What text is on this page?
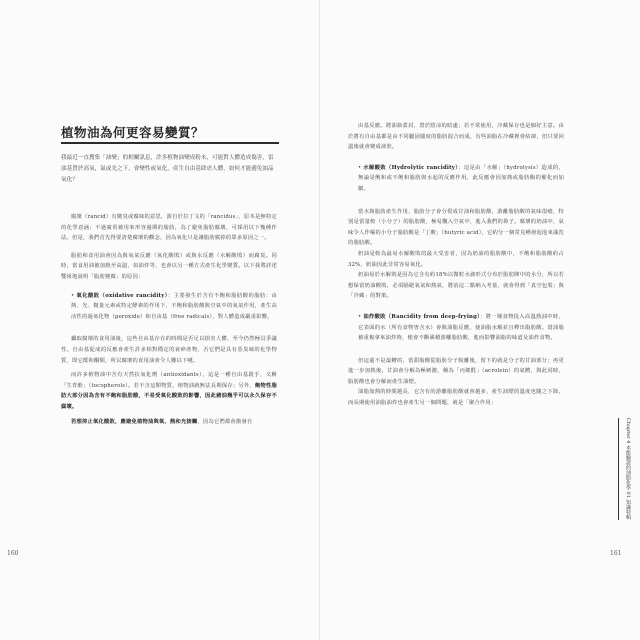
植物油為何更容易變質？
我最近一直搜集「油變」的相關訊息，許多植物油變成粉末，可能對人體造成傷害，雷油基質於高氧，氣或光之下，會變性或氧化，產生自由基肆虐人體，如何才能避免油品氧化？

腐壞（rancid）有變臭或腐味的意思，源自於拉丁文的「rancidus」，原本是無特定的化學意涵；不過廣常被用來形容過期的脂肪，為了避免脂肪腐壞，可採用以下幾種作法。但是，我們首先得要清楚腐壞的觀念，因為氧化只是讓脂肪腐掉的眾多原因之一。

脂肪和食用油會因為與氧氣反應（氧化酸敗）或與水反應（水解酸敗）而腐臭。同時，當食用油被加熱至高溫，如油炸等，也會以另一種方式產生化學變質。以下我將詳述雙組地說明「脂肪變腐」的原因：

• 氧化酸敗（oxidative rancidity）：主要發生於含有不飽和脂肪酸的脂肪：由熱、光、微量元素或特定酵素的作用下，不飽和脂肪酸與空氣中的氧氣作用，產生高活性的過氧化物（peroxide）和自由基（free radicals），對人體造成嚴重影響。

攝取腐壞的食用油後，這些自由基存在的時間是否足以損害人體，至今仍然極具爭議性。自由基促成的反應會產生許多相對穩定的衰碎產物，否它們是具有惡臭味的化學物質，即它醛和酮類，所以腐壞的食用油會令人難以下嚥。

而許多植物油中含有天然抗氧化劑（antioxidants），這是一種自由基殺手，又稱「生育酚」（tocopherols）。若不含這類物質，植物油就無法長期保存；另外，飽物性脂肪大部分因為含有不飽和脂肪酸，不易受氧化酸敗的影響，因此豬油幾乎可以永久保存不腐壞。

若想抑止氧化酸敗，應避免植物油與氧、熱和光接觸，因為它們都會激發自

160

由基反應。將油瓶蓋封，置於陰涼的暗處；若不常使用，冷藏保存也是個好主意。由於將有自由基都是由不同屬固儲度的脂肪混合而成，有些油脂在冷藏裡會結凍，但只要回溫後就會變成液狀。

• 水解酸敗（Hydrolytic rancidity）：這是由「水解」（hydrolysis）造成的，無論是飽和或不飽和脂肪與水起的反應作用，此反應會因加熱或脂肪酶的催化而加劇。

當水與脂肪產生作用，脂肪分子會分裂成甘油和脂肪酸，游離脂肪酸的氣味很嗆，特別是當量較（小分子）的脂肪酸，極易飄入空氣中，進入我們的鼻子。腐壞的奶油中，氣味令人作嘔的小分子脂肪酸是「丁酸」（butyric acid），它約分一個常見種發泡泡來滿洗的脂肪酸。

奶油是較為最易水解酸敗的最大受害者，因為奶油的脂肪酸中，不飽和脂肪酸約占32%，奶油因此非常容易氧化。

奶油易於水解則是因為它含有約18%以微粒水滴形式分布於脂肪陣中的水分，所以若想保留奶油酸敗，必須隔絕氧氣和熱氣，將消這二點納入考量，就會得到「真空包裝」與「冷藏」的對策。

• 油炸酸敗（Rancidity from deep-frying）：將一塊食物投入高溫熱油中時，它表面的水（所有食物皆含水）會與油脂反應，使油脂水解並且釋出脂肪酸。當油脂被重複拿來油炸時，便會不斷累積游離脂肪酸，進而影響油脂的味道及油炸食物。

但這還不是最糟的，當甜脂酸從脂肪分子脫離後，留下的就是分子的甘油部分；再更進一步加熱後，甘油會分解為極刺激，稱為「丙烯醛」（acrolein）的氣體，與此同時，脂肪酸也會分解而產生油煙。

油脂加熱的時間越長，它含有的游離脂肪酸就會越多，產生油煙的溫度也隨之下降。而長期使用油脂油炸也會產生另一個問題，就是「聚合作用」

Chapter 4 本能驗證的油脂化學 01 知識特輯
161
